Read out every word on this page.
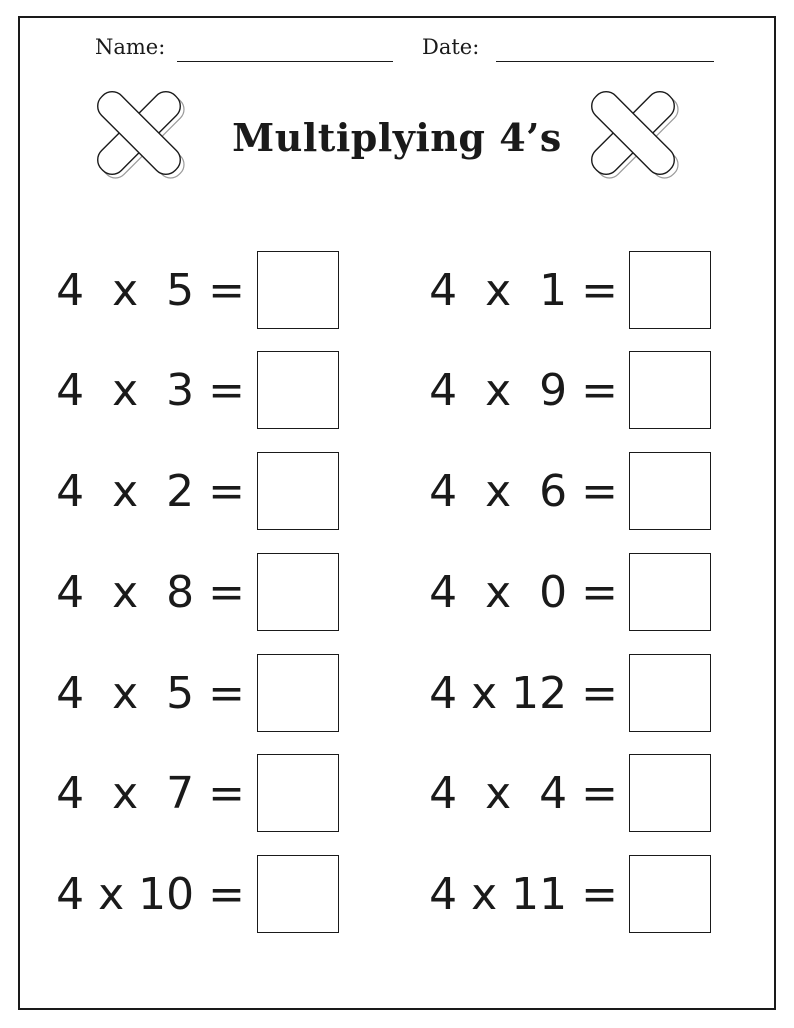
Name:	Date:
Multiplying 4’s
4  x  5 =
4  x  3 =
4  x  2 =
4  x  8 =
4  x  5 =
4  x  7 =
4 x 10 =
4  x  1 =
4  x  9 =
4  x  6 =
4  x  0 =
4 x 12 =
4  x  4 =
4 x 11 =
